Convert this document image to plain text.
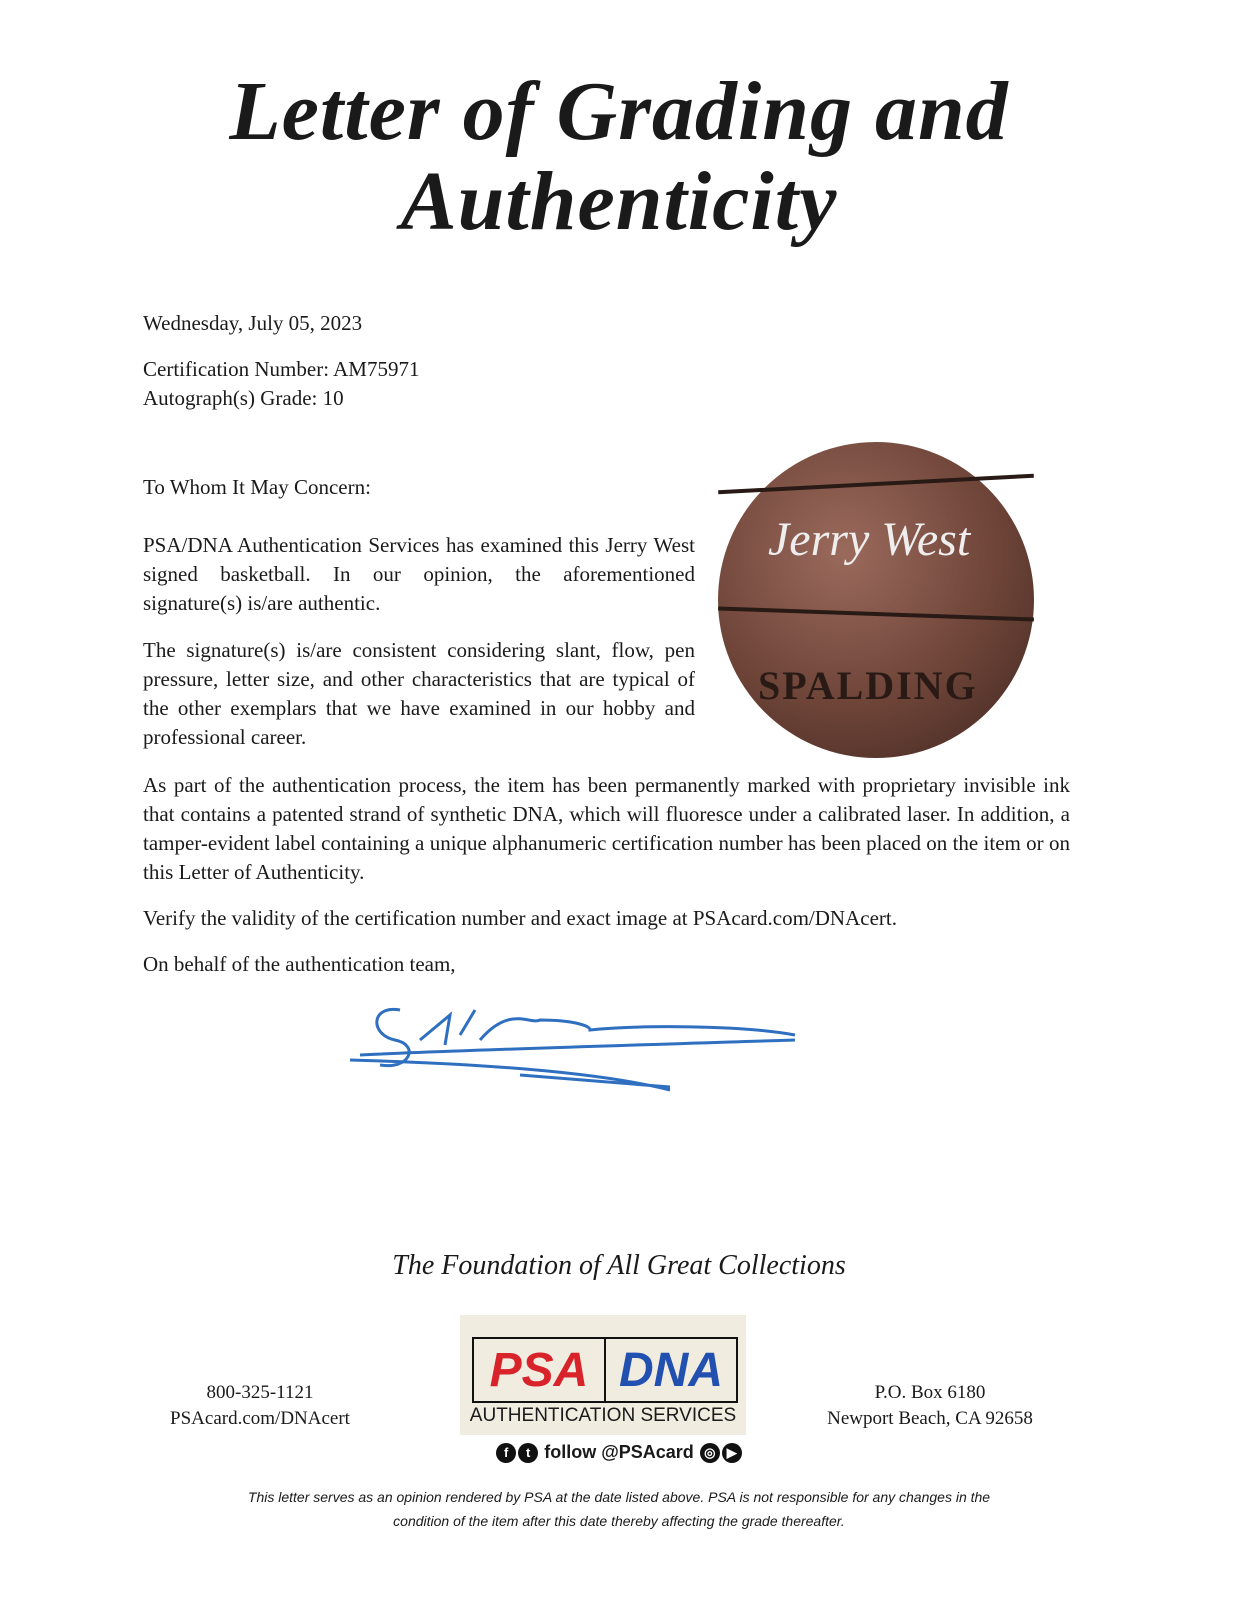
Letter of Grading and
Authenticity
Wednesday, July 05, 2023
Certification Number: AM75971
Autograph(s) Grade: 10
To Whom It May Concern:
PSA/DNA Authentication Services has examined this Jerry West signed basketball. In our opinion, the aforementioned signature(s) is/are authentic.
The signature(s) is/are consistent considering slant, flow, pen pressure, letter size, and other characteristics that are typical of the other exemplars that we have examined in our hobby and professional career.
As part of the authentication process, the item has been permanently marked with proprietary invisible ink that contains a patented strand of synthetic DNA, which will fluoresce under a calibrated laser. In addition, a tamper-evident label containing a unique alphanumeric certification number has been placed on the item or on this Letter of Authenticity.
Verify the validity of the certification number and exact image at PSAcard.com/DNAcert.
On behalf of the authentication team,
Jerry West
SPALDING
The Foundation of All Great Collections
800-325-1121
PSAcard.com/DNAcert
PSA DNA
AUTHENTICATION SERVICES
P.O. Box 6180
Newport Beach, CA 92658
f t follow @PSAcard ◎ ▶
This letter serves as an opinion rendered by PSA at the date listed above. PSA is not responsible for any changes in the
condition of the item after this date thereby affecting the grade thereafter.
